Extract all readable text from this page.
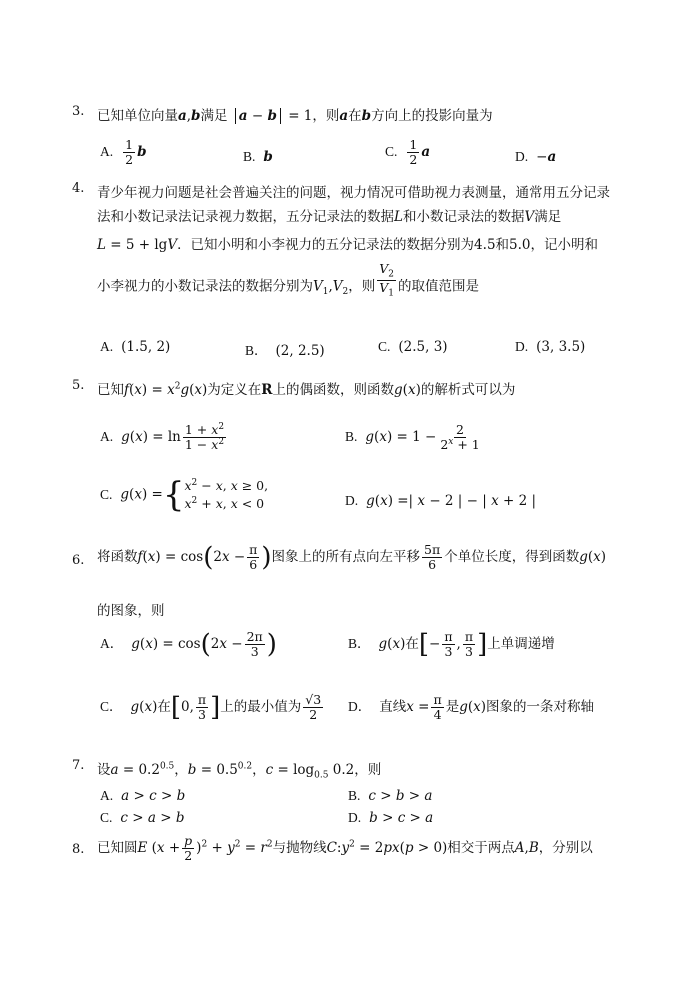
3. 已知单位向量a,b满足 a − b = 1，则a在b方向上的投影向量为
A. $\frac{1}{2}$ b	B. b	C. $\frac{1}{2}$ a	D. −a
4. 青少年视力问题是社会普遍关注的问题，视力情况可借助视力表测量，通常用五分记录
法和小数记录法记录视力数据，五分记录法的数据L和小数记录法的数据V满足
L = 5 + lgV．已知小明和小李视力的五分记录法的数据分别为4.5和5.0，记小明和
小李视力的小数记录法的数据分别为$V_1,V_2$，则 $\frac{V_2}{V_1}$ 的取值范围是
A. (1.5, 2)	B． (2, 2.5)	C. (2.5, 3)	D. (3, 3.5)
5. 已知$f(x) = x^2g(x)$为定义在R上的偶函数，则函数g(x)的解析式可以为
A. $g(x) = \ln \frac{1 + x^2}{1 - x^2}$	B. $g(x) = 1 - \frac{2}{2^x + 1}$
C. g(x) = { $x^2 - x$, x ≥ 0,
$x^2 + x$, x < 0	D. g(x) =| x − 2 | − | x + 2 |
6. 将函数$f(x) = \cos(2x - \frac{\pi}{6}$ )图象上的所有点向左平移 $\frac{5\pi}{6}$ 个单位长度，得到函数g(x)
的图象，则
A． $g(x) = \cos(2x - \frac{2\pi}{3}$ )	B． g(x)在[− $\frac{\pi}{3}$ , $\frac{\pi}{3}$ ]上单调递增
C． g(x)在[0, $\frac{\pi}{3}$ ]上的最小值为 $\frac{√3}{2}$ D． 直线$x = \frac{\pi}{4}$ 是g(x)图象的一条对称轴
7. 设$a = 0.2^{0.5}$，$b = 0.5^{0.2}$，$c = \log_{0.5} 0.2$，则
A. a > c > b	B. c > b > a
C. c > a > b	D. b > c > a
8. 已知圆E $(x + \frac{p}{2} )^2 + y^2 = r^2$与抛物线$C:y^2 = 2px(p > 0)$相交于两点A,B，分别以
